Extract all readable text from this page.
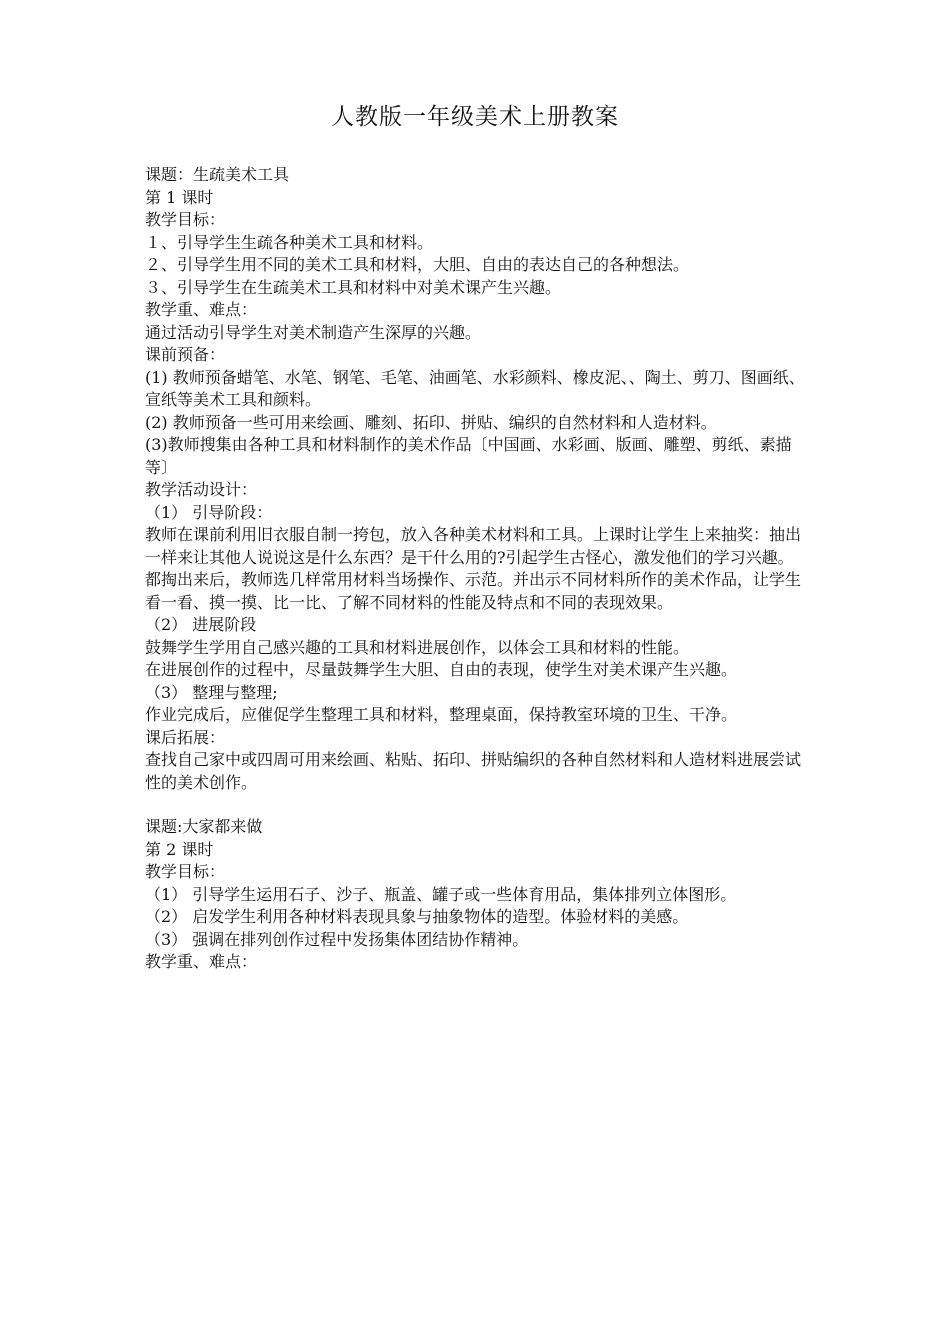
人教版一年级美术上册教案

课题：生疏美术工具

第 1 课时

教学目标：

１、引导学生生疏各种美术工具和材料。

２、引导学生用不同的美术工具和材料，大胆、自由的表达自己的各种想法。

３、引导学生在生疏美术工具和材料中对美术课产生兴趣。

教学重、难点：

通过活动引导学生对美术制造产生深厚的兴趣。

课前预备：

(1) 教师预备蜡笔、水笔、钢笔、毛笔、油画笔、水彩颜料、橡皮泥、、陶土、剪刀、图画纸、宣纸等美术工具和颜料。

(2) 教师预备一些可用来绘画、雕刻、拓印、拼贴、编织的自然材料和人造材料。

(3)教师搜集由各种工具和材料制作的美术作品〔中国画、水彩画、版画、雕塑、剪纸、素描等〕

教学活动设计：

（1） 引导阶段：

教师在课前利用旧衣服自制一挎包，放入各种美术材料和工具。上课时让学生上来抽奖：抽出一样来让其他人说说这是什么东西？是干什么用的?引起学生古怪心，激发他们的学习兴趣。

都掏出来后，教师选几样常用材料当场操作、示范。并出示不同材料所作的美术作品，让学生看一看、摸一摸、比一比、了解不同材料的性能及特点和不同的表现效果。

（2） 进展阶段

鼓舞学生学用自己感兴趣的工具和材料进展创作，以体会工具和材料的性能。

在进展创作的过程中，尽量鼓舞学生大胆、自由的表现，使学生对美术课产生兴趣。

（3） 整理与整理;

作业完成后，应催促学生整理工具和材料，整理桌面，保持教室环境的卫生、干净。

课后拓展：

查找自己家中或四周可用来绘画、粘贴、拓印、拼贴编织的各种自然材料和人造材料进展尝试性的美术创作。

课题:大家都来做

第 2 课时

教学目标：

（1） 引导学生运用石子、沙子、瓶盖、罐子或一些体育用品，集体排列立体图形。

（2） 启发学生利用各种材料表现具象与抽象物体的造型。体验材料的美感。

（3） 强调在排列创作过程中发扬集体团结协作精神。

教学重、难点：
